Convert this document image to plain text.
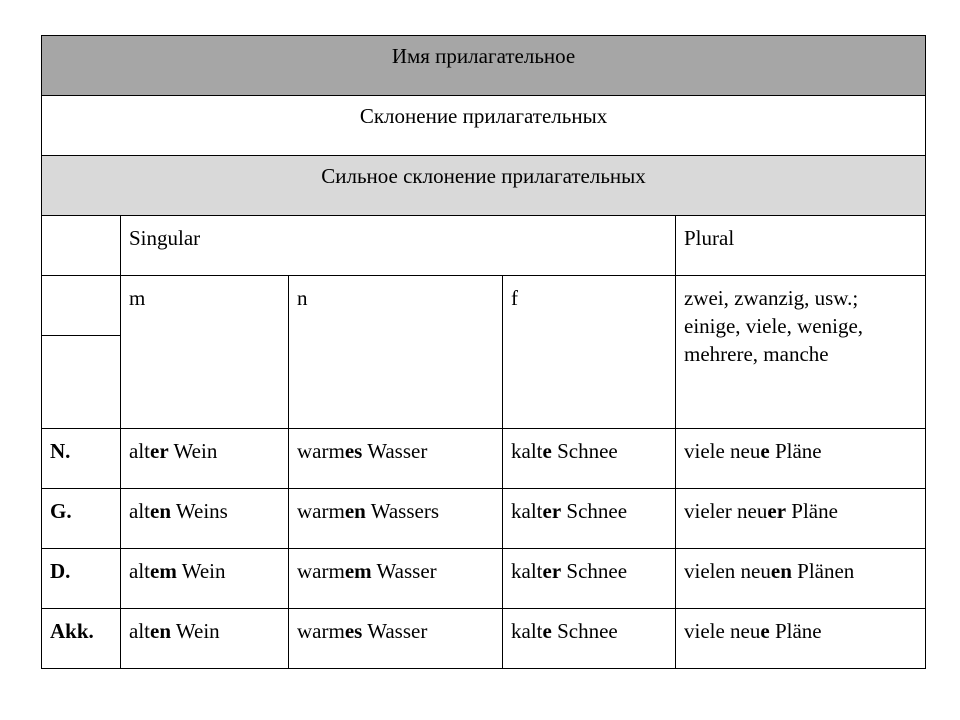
Имя прилагательное				
Склонение прилагательных				
Сильное склонение прилагательных				
	Singular			Plural
	m	n	f	zwei, zwanzig, usw.; einige, viele, wenige, mehrere, manche

N.	alter Wein	warmes Wasser	kalte Schnee	viele neue Pläne
G.	alten Weins	warmen Wassers	kalter Schnee	vieler neuer Pläne
D.	altem Wein	warmem Wasser	kalter Schnee	vielen neuen Plänen
Akk.	alten Wein	warmes Wasser	kalte Schnee	viele neue Pläne
